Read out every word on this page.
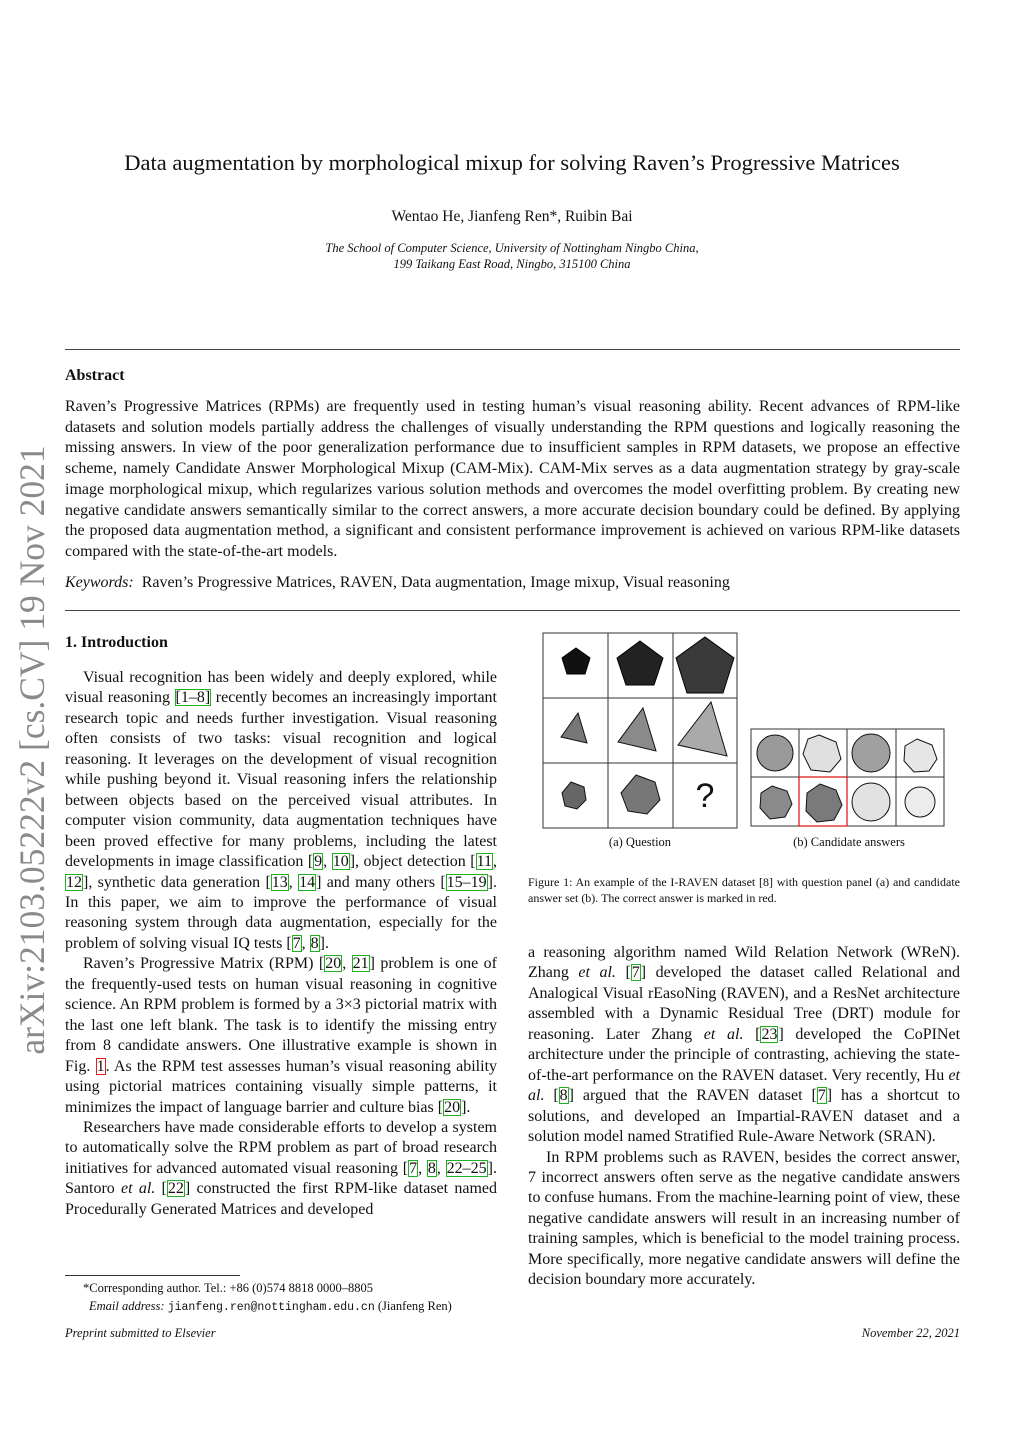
arXiv:2103.05222v2 [cs.CV] 19 Nov 2021
Data augmentation by morphological mixup for solving Raven’s Progressive Matrices
Wentao He, Jianfeng Ren*, Ruibin Bai
The School of Computer Science, University of Nottingham Ningbo China,
199 Taikang East Road, Ningbo, 315100 China
Abstract
Raven’s Progressive Matrices (RPMs) are frequently used in testing human’s visual reasoning ability. Recent advances of RPM-like datasets and solution models partially address the challenges of visually understanding the RPM questions and logically reasoning the missing answers. In view of the poor generalization performance due to insufficient samples in RPM datasets, we propose an effective scheme, namely Candidate Answer Morphological Mixup (CAM-Mix). CAM-Mix serves as a data augmentation strategy by gray-scale image morphological mixup, which regularizes various solution methods and overcomes the model overfitting problem. By creating new negative candidate answers semantically similar to the correct answers, a more accurate decision boundary could be defined. By applying the proposed data augmentation method, a significant and consistent performance improvement is achieved on various RPM-like datasets compared with the state-of-the-art models.
Keywords: Raven’s Progressive Matrices, RAVEN, Data augmentation, Image mixup, Visual reasoning
1. Introduction

Visual recognition has been widely and deeply explored, while visual reasoning [1–8] recently becomes an increasingly important research topic and needs further investigation. Visual reasoning often consists of two tasks: visual recognition and logical reasoning. It leverages on the development of visual recognition while pushing beyond it. Visual reasoning infers the relationship between objects based on the perceived visual attributes. In computer vision community, data augmentation techniques have been proved effective for many problems, including the latest developments in image classification [9, 10], object detection [11, 12], synthetic data generation [13, 14] and many others [15–19]. In this paper, we aim to improve the performance of visual reasoning system through data augmentation, especially for the problem of solving visual IQ tests [7, 8].

Raven’s Progressive Matrix (RPM) [20, 21] problem is one of the frequently-used tests on human visual reasoning in cognitive science. An RPM problem is formed by a 3×3 pictorial matrix with the last one left blank. The task is to identify the missing entry from 8 candidate answers. One illustrative example is shown in Fig. 1. As the RPM test assesses human’s visual reasoning ability using pictorial matrices containing visually simple patterns, it minimizes the impact of language barrier and culture bias [20].

Researchers have made considerable efforts to develop a system to automatically solve the RPM problem as part of broad research initiatives for advanced automated visual reasoning [7, 8, 22–25]. Santoro et al. [22] constructed the first RPM-like dataset named Procedurally Generated Matrices and developed

?
(a) Question	(b) Candidate answers
Figure 1: An example of the I-RAVEN dataset [8] with question panel (a) and candidate answer set (b). The correct answer is marked in red.

a reasoning algorithm named Wild Relation Network (WReN). Zhang et al. [7] developed the dataset called Relational and Analogical Visual rEasoNing (RAVEN), and a ResNet architecture assembled with a Dynamic Residual Tree (DRT) module for reasoning. Later Zhang et al. [23] developed the CoPINet architecture under the principle of contrasting, achieving the state-of-the-art performance on the RAVEN dataset. Very recently, Hu et al. [8] argued that the RAVEN dataset [7] has a shortcut to solutions, and developed an Impartial-RAVEN dataset and a solution model named Stratified Rule-Aware Network (SRAN).

In RPM problems such as RAVEN, besides the correct answer, 7 incorrect answers often serve as the negative candidate answers to confuse humans. From the machine-learning point of view, these negative candidate answers will result in an increasing number of training samples, which is beneficial to the model training process. More specifically, more negative candidate answers will define the decision boundary more accurately.

*Corresponding author. Tel.: +86 (0)574 8818 0000–8805
Email address: jianfeng.ren@nottingham.edu.cn (Jianfeng Ren)
Preprint submitted to Elsevier	November 22, 2021
